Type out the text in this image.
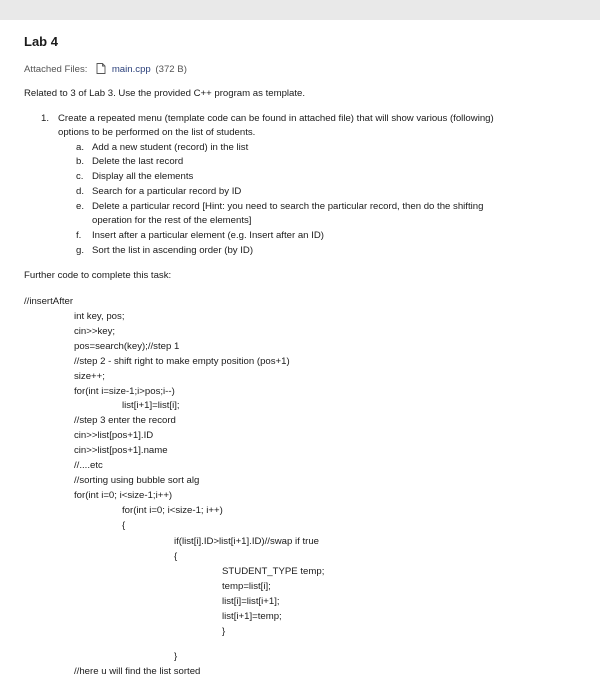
Lab 4
Attached Files:	main.cpp (372 B)
Related to 3 of Lab 3. Use the provided C++ program as template.
1. Create a repeated menu (template code can be found in attached file) that will show various (following)
options to be performed on the list of students.
a. Add a new student (record) in the list
b. Delete the last record
c. Display all the elements
d. Search for a particular record by ID
e. Delete a particular record [Hint: you need to search the particular record, then do the shifting
operation for the rest of the elements]
f. Insert after a particular element (e.g. Insert after an ID)
g. Sort the list in ascending order (by ID)
Further code to complete this task:
//insertAfter
int key, pos;
cin>>key;
pos=search(key);//step 1
//step 2 - shift right to make empty position (pos+1)
size++;
for(int i=size-1;i>pos;i--)
list[i+1]=list[i];
//step 3 enter the record
cin>>list[pos+1].ID
cin>>list[pos+1].name
//....etc
//sorting using bubble sort alg
for(int i=0; i<size-1;i++)
for(int i=0; i<size-1; i++)
{
if(list[i].ID>list[i+1].ID)//swap if true
{
STUDENT_TYPE temp;
temp=list[i];
list[i]=list[i+1];
list[i+1]=temp;
}
}
//here u will find the list sorted
